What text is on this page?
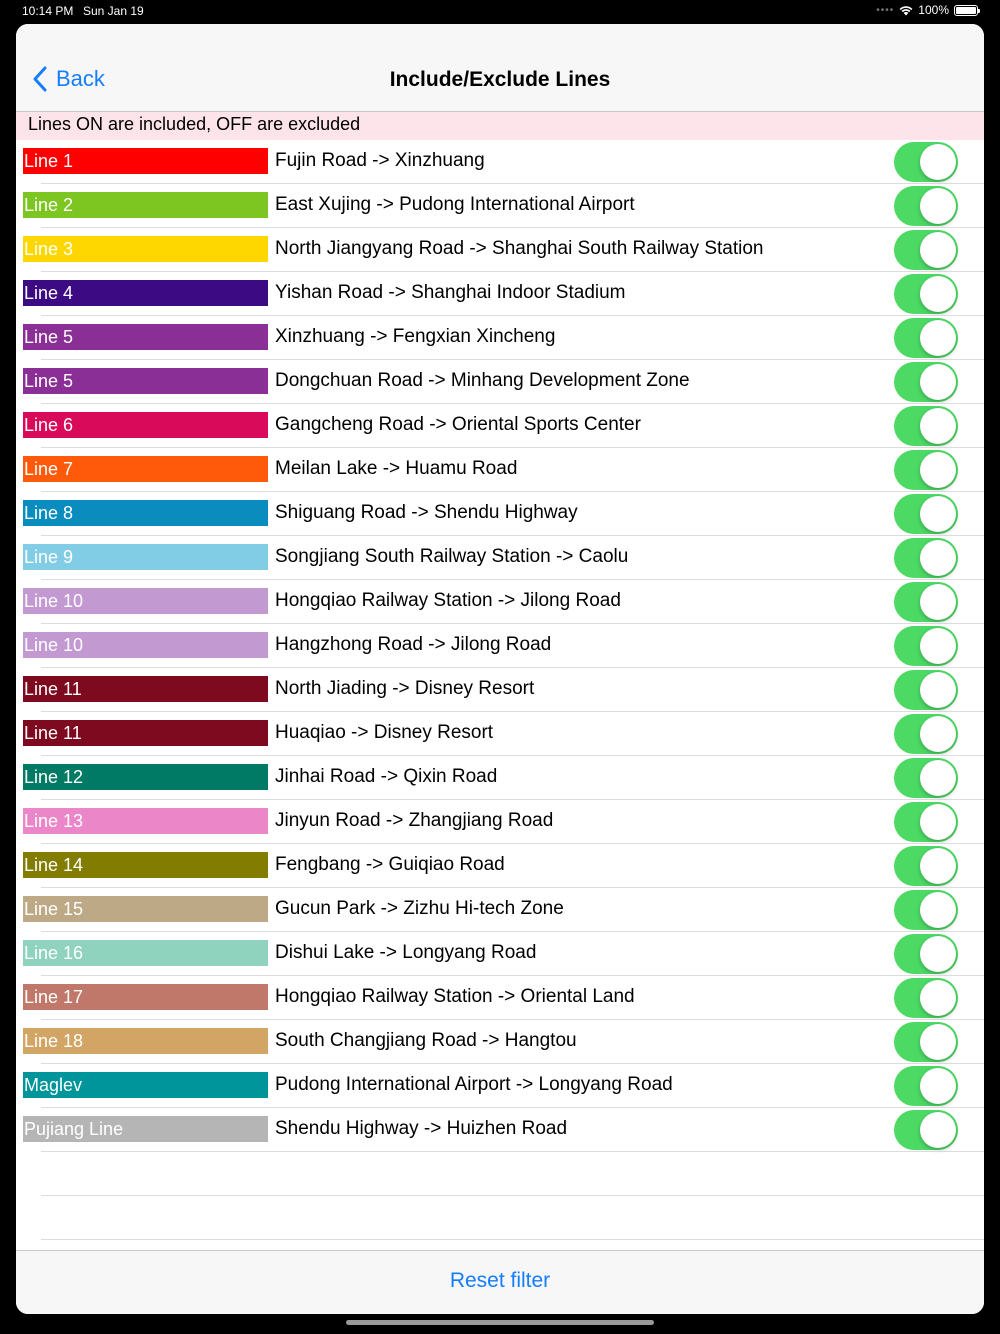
10:14 PM Sun Jan 19	•••• 100%
Back	Include/Exclude Lines
Lines ON are included, OFF are excluded
Line 1	Fujin Road -> Xinzhuang
Line 2	East Xujing -> Pudong International Airport
Line 3	North Jiangyang Road -> Shanghai South Railway Station
Line 4	Yishan Road -> Shanghai Indoor Stadium
Line 5	Xinzhuang -> Fengxian Xincheng
Line 5	Dongchuan Road -> Minhang Development Zone
Line 6	Gangcheng Road -> Oriental Sports Center
Line 7	Meilan Lake -> Huamu Road
Line 8	Shiguang Road -> Shendu Highway
Line 9	Songjiang South Railway Station -> Caolu
Line 10	Hongqiao Railway Station -> Jilong Road
Line 10	Hangzhong Road -> Jilong Road
Line 11	North Jiading -> Disney Resort
Line 11	Huaqiao -> Disney Resort
Line 12	Jinhai Road -> Qixin Road
Line 13	Jinyun Road -> Zhangjiang Road
Line 14	Fengbang -> Guiqiao Road
Line 15	Gucun Park -> Zizhu Hi-tech Zone
Line 16	Dishui Lake -> Longyang Road
Line 17	Hongqiao Railway Station -> Oriental Land
Line 18	South Changjiang Road -> Hangtou
Maglev	Pudong International Airport -> Longyang Road
Pujiang Line	Shendu Highway -> Huizhen Road
Reset filter
